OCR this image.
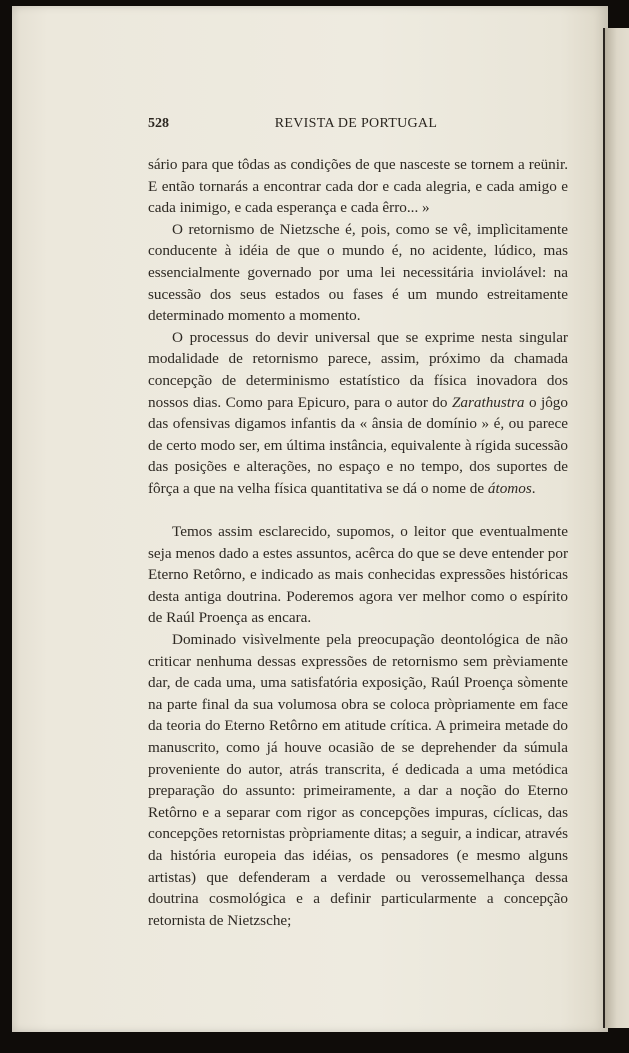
528	REVISTA DE PORTUGAL

sário para que tôdas as condições de que nasceste se tornem a reünir. E então tornarás a encontrar cada dor e cada alegria, e cada amigo e cada inimigo, e cada esperança e cada êrro... »

O retornismo de Nietzsche é, pois, como se vê, implìcitamente conducente à idéia de que o mundo é, no acidente, lúdico, mas essencialmente governado por uma lei necessitária inviolável: na sucessão dos seus estados ou fases é um mundo estreitamente determinado momento a momento.

O processus do devir universal que se exprime nesta singular modalidade de retornismo parece, assim, próximo da chamada concepção de determinismo estatístico da física inovadora dos nossos dias. Como para Epicuro, para o autor do Zarathustra o jôgo das ofensivas digamos infantis da « ânsia de domínio » é, ou parece de certo modo ser, em última instância, equivalente à rígida sucessão das posições e alterações, no espaço e no tempo, dos suportes de fôrça a que na velha física quantitativa se dá o nome de átomos.

Temos assim esclarecido, supomos, o leitor que eventualmente seja menos dado a estes assuntos, acêrca do que se deve entender por Eterno Retôrno, e indicado as mais conhecidas expressões históricas desta antiga doutrina. Poderemos agora ver melhor como o espírito de Raúl Proença as encara.

Dominado visìvelmente pela preocupação deontológica de não criticar nenhuma dessas expressões de retornismo sem prèviamente dar, de cada uma, uma satisfatória exposição, Raúl Proença sòmente na parte final da sua volumosa obra se coloca pròpriamente em face da teoria do Eterno Retôrno em atitude crítica. A primeira metade do manuscrito, como já houve ocasião de se deprehender da súmula proveniente do autor, atrás transcrita, é dedicada a uma metódica preparação do assunto: primeiramente, a dar a noção do Eterno Retôrno e a separar com rigor as concepções impuras, cíclicas, das concepções retornistas pròpriamente ditas; a seguir, a indicar, através da história europeia das idéias, os pensadores (e mesmo alguns artistas) que defenderam a verdade ou verossemelhança dessa doutrina cosmológica e a definir particularmente a concepção retornista de Nietzsche;
